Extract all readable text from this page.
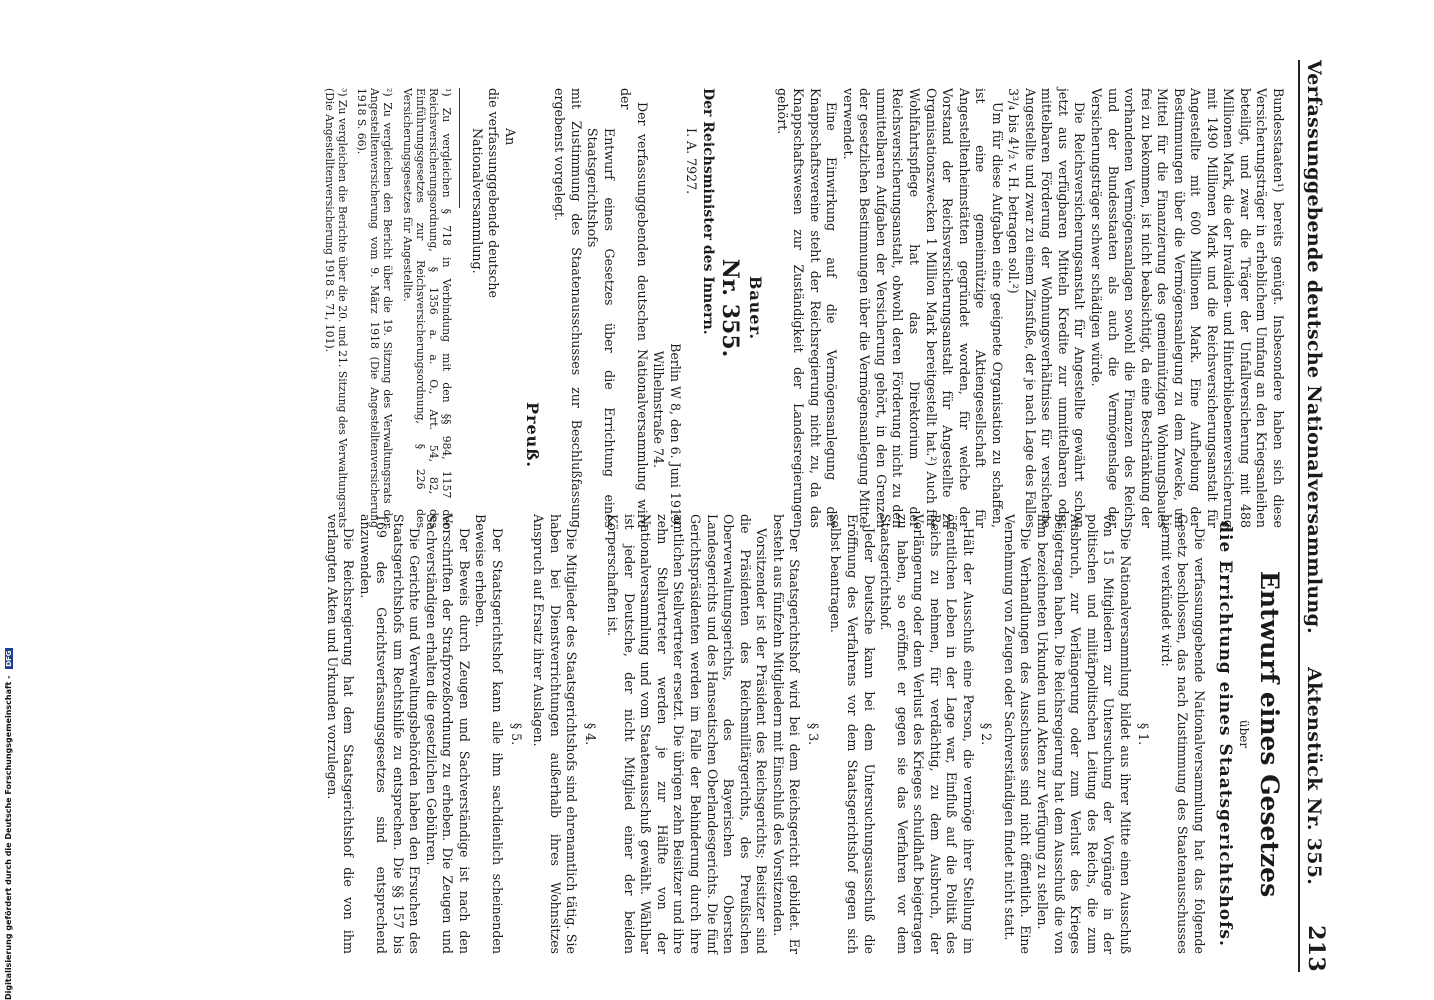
Verfassunggebende deutsche Nationalversammlung.
Aktenstück Nr. 355.
213

Bundesstaaten¹) bereits genügt. Insbesondere haben sich diese Versicherungsträger in erheblichem Umfang an den Kriegsanleihen beteiligt, und zwar die Träger der Unfallversicherung mit 488 Millionen Mark, die der Invaliden- und Hinterbliebenenversicherung mit 1490 Millionen Mark und die Reichsversicherungsanstalt für Angestellte mit 600 Millionen Mark. Eine Aufhebung der Bestimmungen über die Vermögensanlegung zu dem Zwecke, um Mittel für die Finanzierung des gemeinnützigen Wohnungsbaues frei zu bekommen, ist nicht beabsichtigt, da eine Beschränkung der vorhandenen Vermögensanlagen sowohl die Finanzen des Reichs und der Bundesstaaten als auch die Vermögenslage der Versicherungsträger schwer schädigen würde.

Die Reichsversicherungsanstalt für Angestellte gewährt schon jetzt aus verfügbaren Mitteln Kredite zur unmittelbaren oder mittelbaren Förderung der Wohnungsverhältnisse für versicherte Angestellte und zwar zu einem Zinsfuße, der je nach Lage des Falles 3³/₄ bis 4¹/₂ v. H. betragen soll.²)

Um für diese Aufgaben eine geeignete Organisation zu schaffen, ist eine gemeinnützige Aktiengesellschaft für Angestelltenheimstätten gegründet worden, für welche der Vorstand der Reichsversicherungsanstalt für Angestellte zu Organisationszwecken 1 Million Mark bereitgestellt hat.²) Auch für Wohlfahrtspflege hat das Direktorium der Reichsversicherungsanstalt, obwohl deren Förderung nicht zu den unmittelbaren Aufgaben der Versicherung gehört, in den Grenzen der gesetzlichen Bestimmungen über die Vermögensanlegung Mittel verwendet.

Eine Einwirkung auf die Vermögensanlegung der Knappschaftsvereine steht der Reichsregierung nicht zu, da das Knappschaftswesen zur Zuständigkeit der Landesregierungen gehört.

Bauer.
Nr. 355.

Der Reichsminister des Innern.

I. A. 7927.

Berlin W 8, den 6. Juni 1919.

Wilhelmstraße 74.

Der verfassunggebenden deutschen Nationalversammlung wird der

Entwurf eines Gesetzes über die Errichtung eines Staatsgerichtshofs

mit Zustimmung des Staatenausschusses zur Beschlußfassung ergebenst vorgelegt.

Preuß.

An

die verfassunggebende deutsche

Nationalversammlung.

¹) Zu vergleichen § 718 in Verbindung mit den §§ 984, 1157 der Reichsversicherungsordnung, § 1356 a. a. O., Art. 54, 82, des Einführungsgesetzes zur Reichsversicherungsordnung, § 226 des Versicherungsgesetzes für Angestellte.
²) Zu vergleichen den Bericht über die 19. Sitzung des Verwaltungsrats der Angestelltenversicherung vom 9. März 1918 (Die Angestelltenversicherung 1918 S. 66).
³) Zu vergleichen die Berichte über die 20. und 21. Sitzung des Verwaltungsrats (Die Angestelltenversicherung 1918 S. 71, 101).
Entwurf eines Gesetzes
über
die Errichtung eines Staatsgerichtshofs.

Die verfassunggebende Nationalversammlung hat das folgende Gesetz beschlossen, das nach Zustimmung des Staatenausschusses hiermit verkündet wird:

§ 1.

Die Nationalversammlung bildet aus ihrer Mitte einen Ausschuß von 15 Mitgliedern zur Untersuchung der Vorgänge in der politischen und militärpolitischen Leitung des Reichs, die zum Ausbruch, zur Verlängerung oder zum Verlust des Krieges beigetragen haben. Die Reichsregierung hat dem Ausschuß die von ihm bezeichneten Urkunden und Akten zur Verfügung zu stellen.

Die Verhandlungen des Ausschusses sind nicht öffentlich. Eine Vernehmung von Zeugen oder Sachverständigen findet nicht statt.

§ 2.

Hält der Ausschuß eine Person, die vermöge ihrer Stellung im öffentlichen Leben in der Lage war, Einfluß auf die Politik des Reichs zu nehmen, für verdächtig, zu dem Ausbruch, der Verlängerung oder dem Verlust des Krieges schuldhaft beigetragen zu haben, so eröffnet er gegen sie das Verfahren vor dem Staatsgerichtshof.

Jeder Deutsche kann bei dem Untersuchungsausschuß die Eröffnung des Verfahrens vor dem Staatsgerichtshof gegen sich selbst beantragen.

§ 3.

Der Staatsgerichtshof wird bei dem Reichsgericht gebildet. Er besteht aus fünfzehn Mitgliedern mit Einschluß des Vorsitzenden.

Vorsitzender ist der Präsident des Reichsgerichts; Beisitzer sind die Präsidenten des Reichsmilitärgerichts, des Preußischen Oberverwaltungsgerichts, des Bayerischen Obersten Landesgerichts und des Hanseatischen Oberlandesgerichts. Die fünf Gerichtspräsidenten werden im Falle der Behinderung durch ihre amtlichen Stellvertreter ersetzt. Die übrigen zehn Beisitzer und ihre zehn Stellvertreter werden je zur Hälfte von der Nationalversammlung und vom Staatenausschuß gewählt. Wählbar ist jeder Deutsche, der nicht Mitglied einer der beiden Körperschaften ist.

§ 4.

Die Mitglieder des Staatsgerichtshofs sind ehrenamtlich tätig. Sie haben bei Dienstverrichtungen außerhalb ihres Wohnsitzes Anspruch auf Ersatz ihrer Auslagen.

§ 5.

Der Staatsgerichtshof kann alle ihm sachdienlich scheinenden Beweise erheben.

Der Beweis durch Zeugen und Sachverständige ist nach den Vorschriften der Strafprozeßordnung zu erheben. Die Zeugen und Sachverständigen erhalten die gesetzlichen Gebühren.

Die Gerichte und Verwaltungsbehörden haben den Ersuchen des Staatsgerichtshofs um Rechtshilfe zu entsprechen. Die §§ 157 bis 169 des Gerichtsverfassungsgesetzes sind entsprechend anzuwenden.

Die Reichsregierung hat dem Staatsgerichtshof die von ihm verlangten Akten und Urkunden vorzulegen.

Digitalisierung gefördert durch die Deutsche Forschungsgemeinschaft - DFG
